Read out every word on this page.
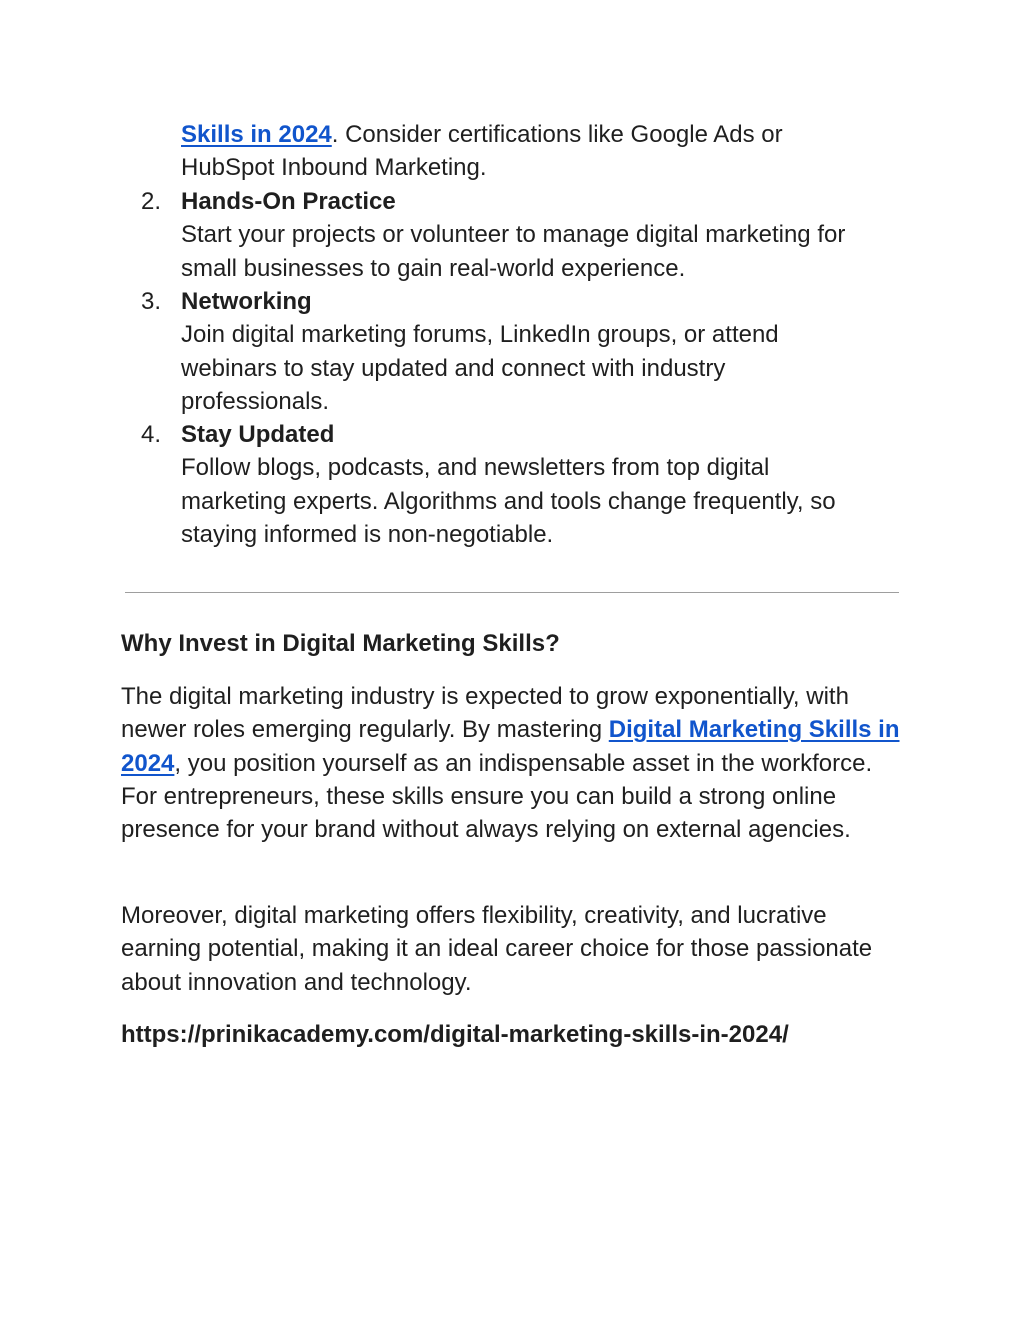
Skills in 2024. Consider certifications like Google Ads or HubSpot Inbound Marketing.
2. Hands-On Practice
Start your projects or volunteer to manage digital marketing for small businesses to gain real-world experience.
3. Networking
Join digital marketing forums, LinkedIn groups, or attend webinars to stay updated and connect with industry professionals.
4. Stay Updated
Follow blogs, podcasts, and newsletters from top digital marketing experts. Algorithms and tools change frequently, so staying informed is non-negotiable.
Why Invest in Digital Marketing Skills?
The digital marketing industry is expected to grow exponentially, with newer roles emerging regularly. By mastering Digital Marketing Skills in 2024, you position yourself as an indispensable asset in the workforce. For entrepreneurs, these skills ensure you can build a strong online presence for your brand without always relying on external agencies.
Moreover, digital marketing offers flexibility, creativity, and lucrative earning potential, making it an ideal career choice for those passionate about innovation and technology.
https://prinikacademy.com/digital-marketing-skills-in-2024/
